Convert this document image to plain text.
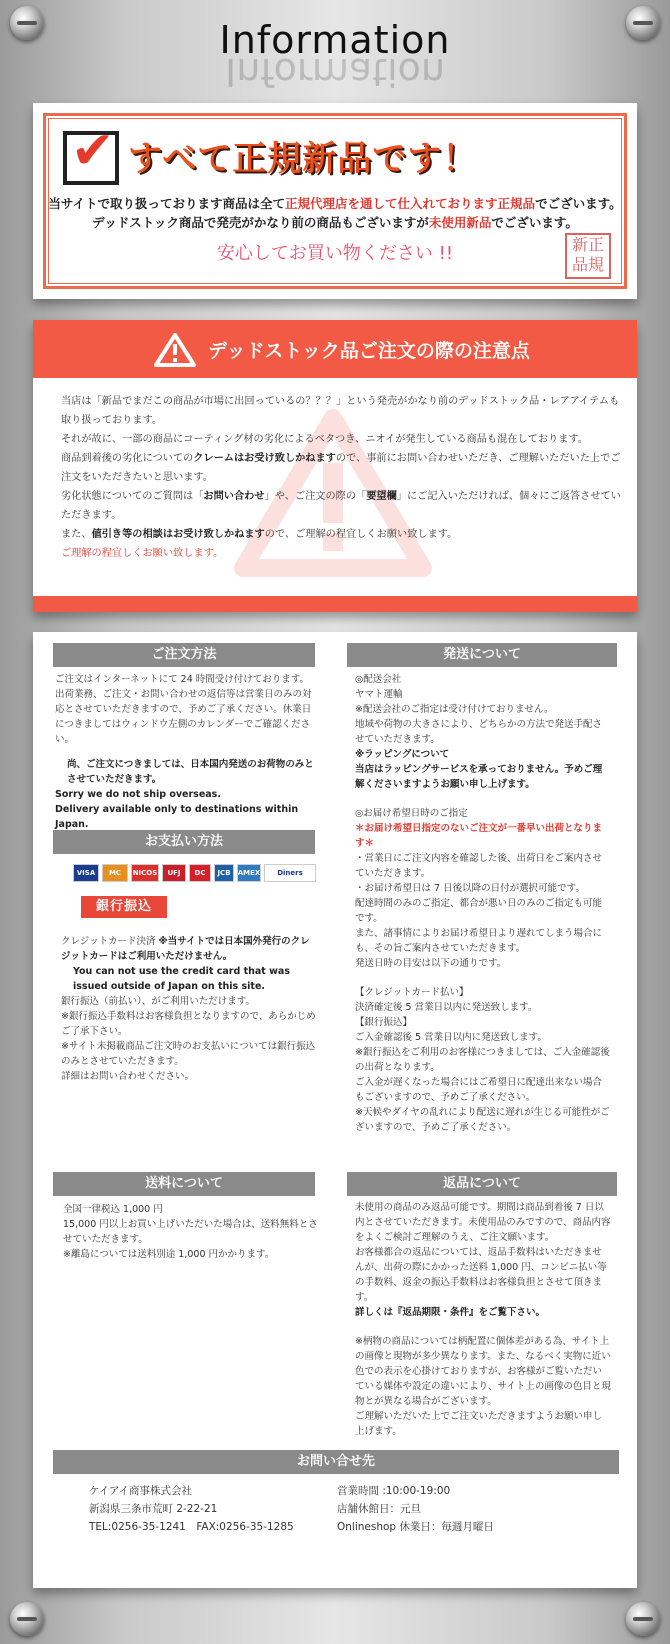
Information
Information
✔ すべて正規新品です！
当サイトで取り扱っております商品は全て正規代理店を通して仕入れております正規品でございます。
デッドストック商品で発売がかなり前の商品もございますが未使用新品でございます。
安心してお買い物ください !!	新正品規
デッドストック品ご注文の際の注意点

当店は「新品でまだこの商品が市場に出回っているの？？？」という発売がかなり前のデッドストック品・レアアイテムも取り扱っております。

それが故に、一部の商品にコーティング材の劣化によるベタつき、ニオイが発生している商品も混在しております。

商品到着後の劣化についてのクレームはお受け致しかねますので、事前にお問い合わせいただき、ご理解いただいた上でご注文をいただきたいと思います。

劣化状態についてのご質問は「お問い合わせ」や、ご注文の際の「要望欄」にご記入いただければ、個々にご返答させていただきます。

また、値引き等の相談はお受け致しかねますので、ご理解の程宜しくお願い致します。

ご理解の程宜しくお願い致します。

ご注文方法

ご注文はインターネットにて 24 時間受け付けております。出荷業務、ご注文・お問い合わせの返信等は営業日のみの対応とさせていただきますので、予めご了承ください。休業日につきましてはウィンドウ左側のカレンダーでご確認ください。

尚、ご注文につきましては、日本国内発送のお荷物のみとさせていただきます。

Sorry we do not ship overseas.

Delivery available only to destinations within Japan.

お支払い方法
VISA	MC	NICOS	UFJ	DC	JCB	AMEX	Diners
銀行振込

クレジットカード決済 ※当サイトでは日本国外発行のクレジットカードはご利用いただけません。

You can not use the credit card that was issued outside of Japan on this site.

銀行振込（前払い）、がご利用いただけます。

※銀行振込手数料はお客様負担となりますので、あらかじめご了承下さい。

※サイト未掲載商品ご注文時のお支払いについては銀行振込のみとさせていただきます。

詳細はお問い合わせください。

発送について

◎配送会社

ヤマト運輸

※配送会社のご指定は受け付けておりません。

地域や荷物の大きさにより、どちらかの方法で発送手配させていただきます。

※ラッピングについて

当店はラッピングサービスを承っておりません。予めご理解くださいますようお願い申し上げます。

◎お届け希望日時のご指定

＊お届け希望日指定のないご注文が一番早い出荷となります＊

・営業日にご注文内容を確認した後、出荷日をご案内させていただきます。

・お届け希望日は 7 日後以降の日付が選択可能です。

配達時間のみのご指定、都合が悪い日のみのご指定も可能です。

また、諸事情によりお届け希望日より遅れてしまう場合にも、その旨ご案内させていただきます。

発送日時の目安は以下の通りです。

【クレジットカード払い】

決済確定後 5 営業日以内に発送致します。

【銀行振込】

ご入金確認後 5 営業日以内に発送致します。

※銀行振込をご利用のお客様につきましては、ご入金確認後の出荷となります。

ご入金が遅くなった場合にはご希望日に配達出来ない場合もございますので、予めご了承ください。

※天候やダイヤの乱れにより配送に遅れが生じる可能性がございますので、予めご了承ください。

送料について

全国一律税込 1,000 円

15,000 円以上お買い上げいただいた場合は、送料無料とさせていただきます。

※離島については送料別途 1,000 円かかります。

返品について

未使用の商品のみ返品可能です。期間は商品到着後 7 日以内とさせていただきます。未使用品のみですので、商品内容をよくご検討ご理解のうえ、ご注文願います。

お客様都合の返品については、返品手数料はいただきませんが、出荷の際にかかった送料 1,000 円、コンビニ払い等の手数料、返金の振込手数料はお客様負担とさせて頂きます。

詳しくは『返品期限・条件』をご覧下さい。

※柄物の商品については柄配置に個体差がある為、サイト上の画像と現物が多少異なります。また、なるべく実物に近い色での表示を心掛けておりますが、お客様がご覧いただいている媒体や設定の違いにより、サイト上の画像の色目と現物とが異なる場合がございます。

ご理解いただいた上でご注文いただきますようお願い申し上げます。

お問い合せ先

ケイアイ商事株式会社

新潟県三条市荒町 2-22-21

TEL:0256-35-1241　FAX:0256-35-1285

営業時間 :10:00-19:00

店舗休館日：元旦

Onlineshop 休業日：毎週月曜日
